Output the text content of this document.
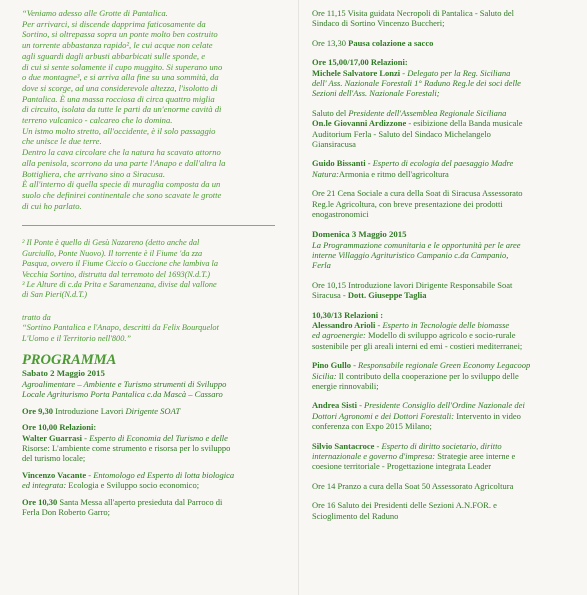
“Veniamo adesso alle Grotte di Pantalica.

Per arrivarci, si discende dapprima faticosamente da

Sortino, si oltrepassa sopra un ponte molto ben costruito

un torrente abbastanza rapido², le cui acque non celate

agli sguardi dagli arbusti abbarbicati sulle sponde, e

di cui si sente solamente il cupo muggito. Si superano uno

o due montagne³, e si arriva alla fine su una sommità, da

dove si scorge, ad una considerevole altezza, l'isolotto di

Pantalica. È una massa rocciosa di circa quattro miglia

di circuito, isolata da tutte le parti da un'enorme cavità di

terreno vulcanico - calcareo che lo domina.

Un istmo molto stretto, all'occidente, è il solo passaggio

che unisce le due terre.

Dentro la cava circolare che la natura ha scavato attorno

alla penisola, scorrono da una parte l'Anapo e dall'altra la

Bottigliera, che arrivano sino a Siracusa.

È all'interno di quella specie di muraglia composta da un

suolo che definirei continentale che sono scavate le grotte

di cui ho parlato.

² Il Ponte è quello di Gesù Nazareno (detto anche dal

Gurciullo, Ponte Nuovo). Il torrente è il Fiume 'da zza

Pasqua, ovvero il Fiume Ciccio o Guccione che lambiva la

Vecchia Sortino, distrutta dal terremoto del 1693(N.d.T.)

³ Le Alture di c.da Prita e Saramenzana, divise dal vallone

di San Pieri(N.d.T.)

tratto da

“Sortino Pantalica e l'Anapo, descritti da Felix Bourquelot

L'Uomo e il Territorio nell'800.”

PROGRAMMA

Sabato 2 Maggio 2015

Agroalimentare – Ambiente e Turismo strumenti di Sviluppo

Locale Agriturismo Porta Pantalica c.da Mascà – Cassaro

Ore 9,30 Introduzione Lavori Dirigente SOAT

Ore 10,00 Relazioni:

Walter Guarrasi - Esperto di Economia del Turismo e delle

Risorse: L'ambiente come strumento e risorsa per lo sviluppo

del turismo locale;

Vincenzo Vacante - Entomologo ed Esperto di lotta biologica

ed integrata: Ecologia e Sviluppo socio economico;

Ore 10,30 Santa Messa all'aperto presieduta dal Parroco di

Ferla Don Roberto Garro;

Ore 11,15 Visita guidata Necropoli di Pantalica - Saluto del

Sindaco di Sortino Vincenzo Buccheri;

Ore 13,30 Pausa colazione a sacco

Ore 15,00/17,00 Relazioni:

Michele Salvatore Lonzi - Delegato per la Reg. Siciliana

dell' Ass. Nazionale Forestali 1° Raduno Reg.le dei soci delle

Sezioni dell'Ass. Nazionale Forestali;

Saluto del Presidente dell'Assemblea Regionale Siciliana

On.le Giovanni Ardizzone - esibizione della Banda musicale

Auditorium Ferla - Saluto del Sindaco Michelangelo

Giansiracusa

Guido Bissanti - Esperto di ecologia del paesaggio Madre

Natura:Armonia e ritmo dell'agricoltura

Ore 21 Cena Sociale a cura della Soat di Siracusa Assessorato

Reg.le Agricoltura, con breve presentazione dei prodotti

enogastronomici

Domenica 3 Maggio 2015

La Programmazione comunitaria e le opportunità per le aree

interne Villaggio Agrituristico Campanio c.da Campanio,

Ferla

Ore 10,15 Introduzione lavori Dirigente Responsabile Soat

Siracusa - Dott. Giuseppe Taglia

10,30/13 Relazioni :

Alessandro Arioli - Esperto in Tecnologie delle biomasse

ed agroenergie: Modello di sviluppo agricolo e socio-rurale

sostenibile per gli areali interni ed emi - costieri mediterranei;

Pino Gullo - Responsabile regionale Green Economy Legacoop

Sicilia: Il contributo della cooperazione per lo sviluppo delle

energie rinnovabili;

Andrea Sisti - Presidente Consiglio dell'Ordine Nazionale dei

Dottori Agronomi e dei Dottori Forestali: Intervento in video

conferenza con Expo 2015 Milano;

Silvio Santacroce - Esperto di diritto societario, diritto

internazionale e governo d'impresa: Strategie aree interne e

coesione territoriale - Progettazione integrata Leader

Ore 14 Pranzo a cura della Soat 50 Assessorato Agricoltura

Ore 16 Saluto dei Presidenti delle Sezioni A.N.FOR. e

Scioglimento del Raduno
